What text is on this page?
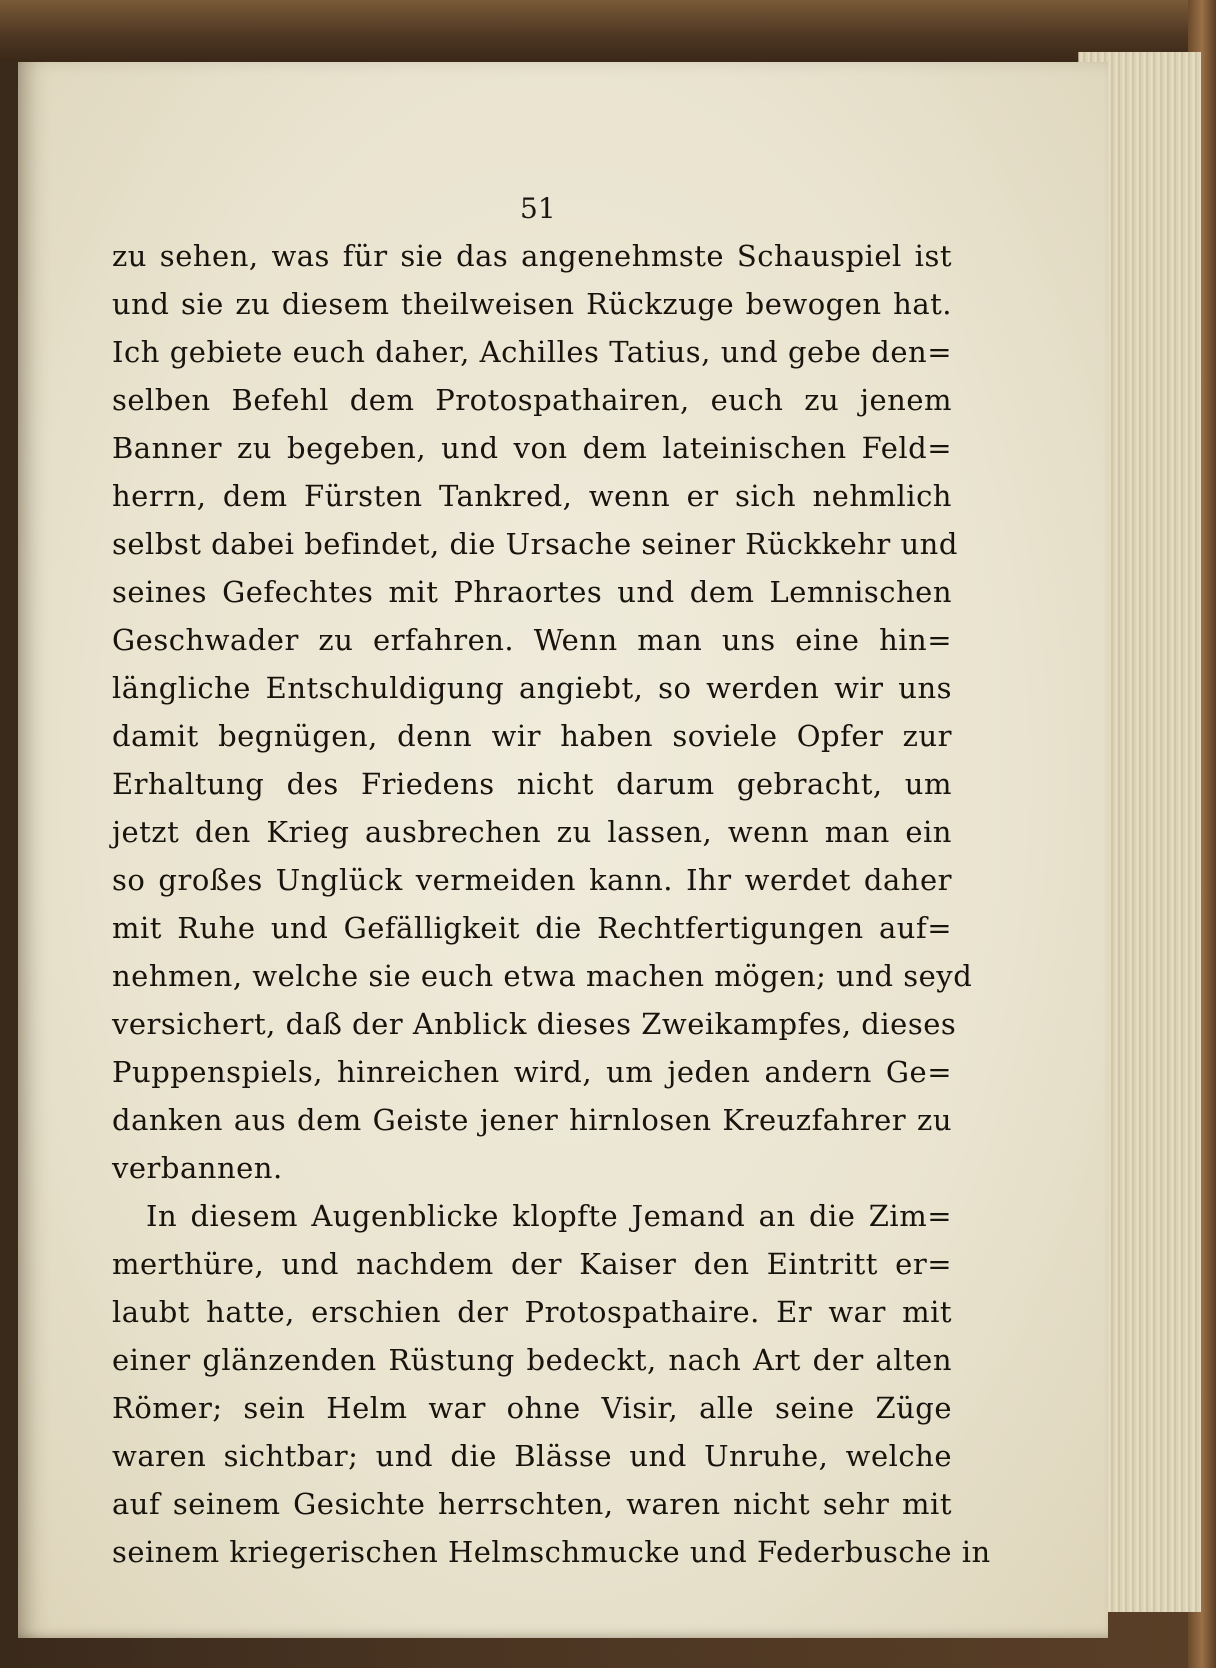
51
zu sehen, was für sie das angenehmste Schauspiel ist
und sie zu diesem theilweisen Rückzuge bewogen hat.
Ich gebiete euch daher, Achilles Tatius, und gebe den=
selben Befehl dem Protospathairen, euch zu jenem
Banner zu begeben, und von dem lateinischen Feld=
herrn, dem Fürsten Tankred, wenn er sich nehmlich
selbst dabei befindet, die Ursache seiner Rückkehr und
seines Gefechtes mit Phraortes und dem Lemnischen
Geschwader zu erfahren. Wenn man uns eine hin=
längliche Entschuldigung angiebt, so werden wir uns
damit begnügen, denn wir haben soviele Opfer zur
Erhaltung des Friedens nicht darum gebracht, um
jetzt den Krieg ausbrechen zu lassen, wenn man ein
so großes Unglück vermeiden kann. Ihr werdet daher
mit Ruhe und Gefälligkeit die Rechtfertigungen auf=
nehmen, welche sie euch etwa machen mögen; und seyd
versichert, daß der Anblick dieses Zweikampfes, dieses
Puppenspiels, hinreichen wird, um jeden andern Ge=
danken aus dem Geiste jener hirnlosen Kreuzfahrer zu
verbannen.
In diesem Augenblicke klopfte Jemand an die Zim=
merthüre, und nachdem der Kaiser den Eintritt er=
laubt hatte, erschien der Protospathaire. Er war mit
einer glänzenden Rüstung bedeckt, nach Art der alten
Römer; sein Helm war ohne Visir, alle seine Züge
waren sichtbar; und die Blässe und Unruhe, welche
auf seinem Gesichte herrschten, waren nicht sehr mit
seinem kriegerischen Helmschmucke und Federbusche in
